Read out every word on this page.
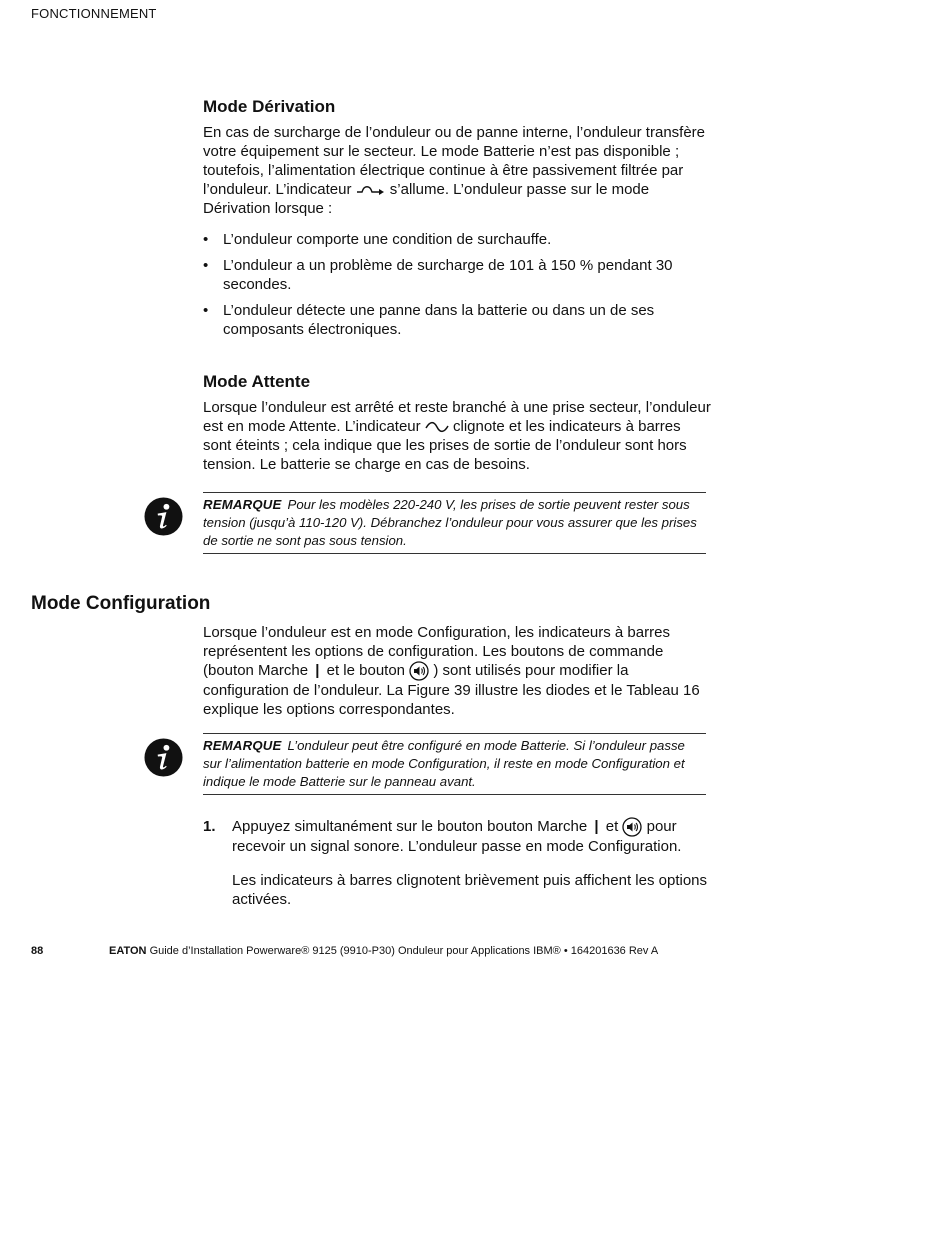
FONCTIONNEMENT
Mode Dérivation

En cas de surcharge de l’onduleur ou de panne interne, l’onduleur transfère votre équipement sur le secteur. Le mode Batterie n’est pas disponible ; toutefois, l’alimentation électrique continue à être passivement filtrée par l’onduleur. L’indicateur	s’allume. L’onduleur passe sur le mode Dérivation lorsque :

• L’onduleur comporte une condition de surchauffe.
• L’onduleur a un problème de surcharge de 101 à 150 % pendant 30 secondes.
• L’onduleur détecte une panne dans la batterie ou dans un de ses composants électroniques.
Mode Attente

Lorsque l’onduleur est arrêté et reste branché à une prise secteur, l’onduleur est en mode Attente. L’indicateur clignote et les indicateurs à barres sont éteints ; cela indique que les prises de sortie de l’onduleur sont hors tension. Le batterie se charge en cas de besoins.

REMARQUE Pour les modèles 220-240 V, les prises de sortie peuvent rester sous tension (jusqu’à 110-120 V). Débranchez l’onduleur pour vous assurer que les prises de sortie ne sont pas sous tension.
Mode Configuration

Lorsque l’onduleur est en mode Configuration, les indicateurs à barres représentent les options de configuration. Les boutons de commande (bouton Marche | et le bouton ) sont utilisés pour modifier la configuration de l’onduleur. La Figure 39 illustre les diodes et le Tableau 16 explique les options correspondantes.

REMARQUE L’onduleur peut être configuré en mode Batterie. Si l’onduleur passe sur l’alimentation batterie en mode Configuration, il reste en mode Configuration et indique le mode Batterie sur le panneau avant.
1. Appuyez simultanément sur le bouton bouton Marche | et pour recevoir un signal sonore. L’onduleur passe en mode Configuration.
Les indicateurs à barres clignotent brièvement puis affichent les options activées.
88	EATON Guide d’Installation Powerware® 9125 (9910-P30) Onduleur pour Applications IBM® • 164201636 Rev A
